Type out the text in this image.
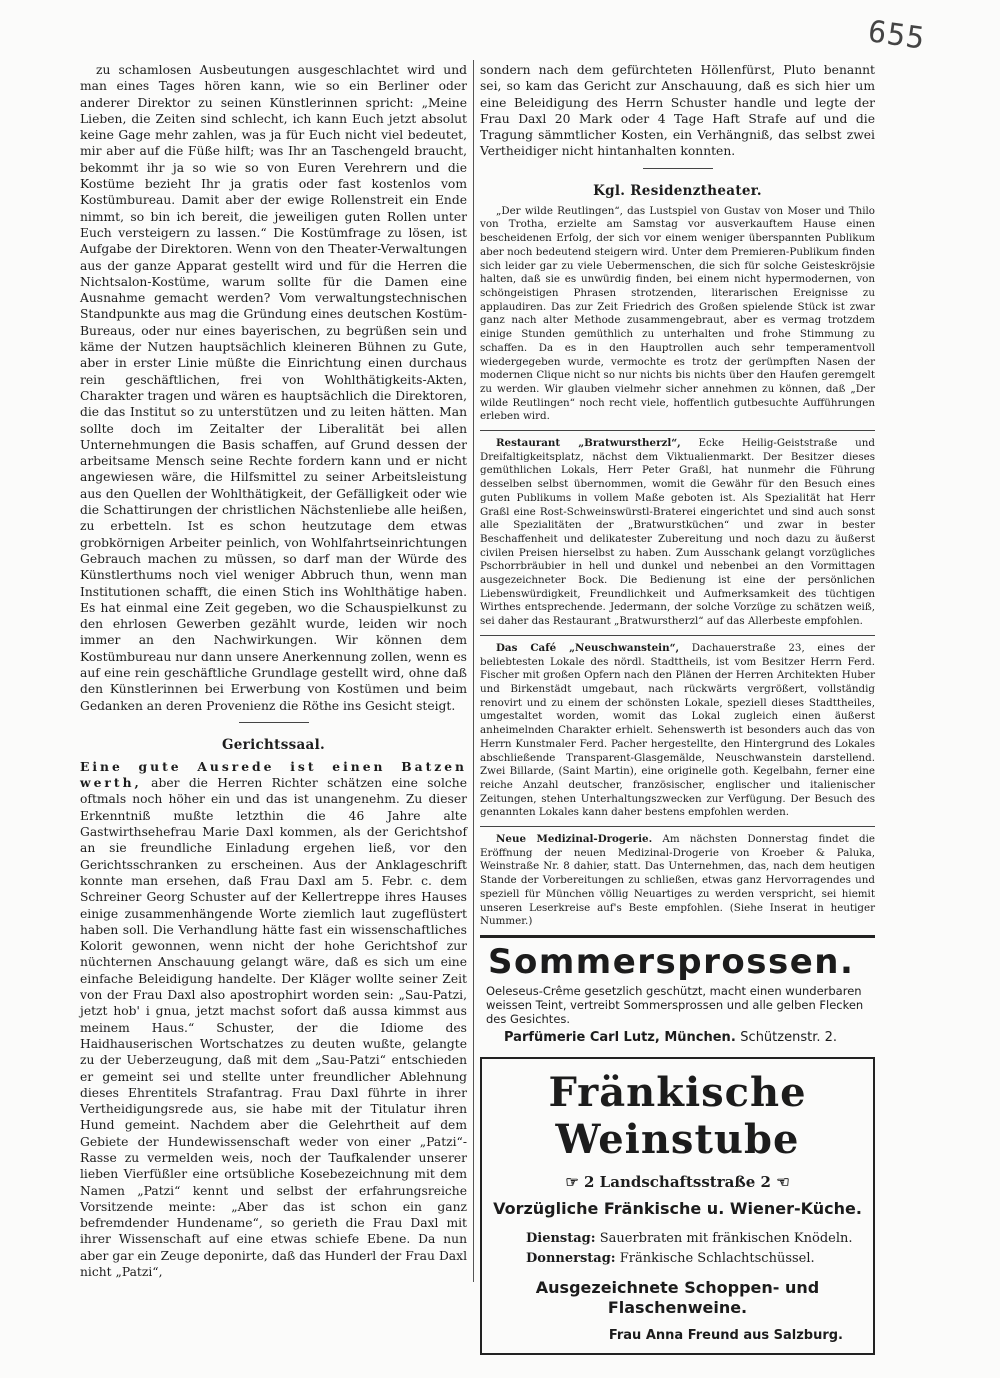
655

zu schamlosen Ausbeutungen ausgeschlachtet wird und man eines Tages hören kann, wie so ein Berliner oder anderer Direktor zu seinen Künstlerinnen spricht: „Meine Lieben, die Zeiten sind schlecht, ich kann Euch jetzt absolut keine Gage mehr zahlen, was ja für Euch nicht viel bedeutet, mir aber auf die Füße hilft; was Ihr an Taschengeld braucht, bekommt ihr ja so wie so von Euren Verehrern und die Kostüme bezieht Ihr ja gratis oder fast kostenlos vom Kostümbureau. Damit aber der ewige Rollenstreit ein Ende nimmt, so bin ich bereit, die jeweiligen guten Rollen unter Euch versteigern zu lassen.“ Die Kostümfrage zu lösen, ist Aufgabe der Direktoren. Wenn von den Theater-Verwaltungen aus der ganze Apparat gestellt wird und für die Herren die Nichtsalon-Kostüme, warum sollte für die Damen eine Ausnahme gemacht werden? Vom verwaltungstechnischen Standpunkte aus mag die Gründung eines deutschen Kostüm-Bureaus, oder nur eines bayerischen, zu begrüßen sein und käme der Nutzen hauptsächlich kleineren Bühnen zu Gute, aber in erster Linie müßte die Einrichtung einen durchaus rein geschäftlichen, frei von Wohlthätigkeits-Akten, Charakter tragen und wären es hauptsächlich die Direktoren, die das Institut so zu unterstützen und zu leiten hätten. Man sollte doch im Zeitalter der Liberalität bei allen Unternehmungen die Basis schaffen, auf Grund dessen der arbeitsame Mensch seine Rechte fordern kann und er nicht angewiesen wäre, die Hilfsmittel zu seiner Arbeitsleistung aus den Quellen der Wohlthätigkeit, der Gefälligkeit oder wie die Schattirungen der christlichen Nächstenliebe alle heißen, zu erbetteln. Ist es schon heutzutage dem etwas grobkörnigen Arbeiter peinlich, von Wohlfahrtseinrichtungen Gebrauch machen zu müssen, so darf man der Würde des Künstlerthums noch viel weniger Abbruch thun, wenn man Institutionen schafft, die einen Stich ins Wohlthätige haben. Es hat einmal eine Zeit gegeben, wo die Schauspielkunst zu den ehrlosen Gewerben gezählt wurde, leiden wir noch immer an den Nachwirkungen. Wir können dem Kostümbureau nur dann unsere Anerkennung zollen, wenn es auf eine rein geschäftliche Grundlage gestellt wird, ohne daß den Künstlerinnen bei Erwerbung von Kostümen und beim Gedanken an deren Provenienz die Röthe ins Gesicht steigt.

Gerichtssaal.

Eine gute Ausrede ist einen Batzen werth, aber die Herren Richter schätzen eine solche oftmals noch höher ein und das ist unangenehm. Zu dieser Erkenntniß mußte letzthin die 46 Jahre alte Gastwirthsehefrau Marie Daxl kommen, als der Gerichtshof an sie freundliche Einladung ergehen ließ, vor den Gerichtsschranken zu erscheinen. Aus der Anklageschrift konnte man ersehen, daß Frau Daxl am 5. Febr. c. dem Schreiner Georg Schuster auf der Kellertreppe ihres Hauses einige zusammenhängende Worte ziemlich laut zugeflüstert haben soll. Die Verhandlung hätte fast ein wissenschaftliches Kolorit gewonnen, wenn nicht der hohe Gerichtshof zur nüchternen Anschauung gelangt wäre, daß es sich um eine einfache Beleidigung handelte. Der Kläger wollte seiner Zeit von der Frau Daxl also apostrophirt worden sein: „Sau-Patzi, jetzt hob' i gnua, jetzt machst sofort daß aussa kimmst aus meinem Haus.“ Schuster, der die Idiome des Haidhauserischen Wortschatzes zu deuten wußte, gelangte zu der Ueberzeugung, daß mit dem „Sau-Patzi“ entschieden er gemeint sei und stellte unter freundlicher Ablehnung dieses Ehrentitels Strafantrag. Frau Daxl führte in ihrer Vertheidigungsrede aus, sie habe mit der Titulatur ihren Hund gemeint. Nachdem aber die Gelehrtheit auf dem Gebiete der Hundewissenschaft weder von einer „Patzi“-Rasse zu vermelden weis, noch der Taufkalender unserer lieben Vierfüßler eine ortsübliche Kosebezeichnung mit dem Namen „Patzi“ kennt und selbst der erfahrungsreiche Vorsitzende meinte: „Aber das ist schon ein ganz befremdender Hundename“, so gerieth die Frau Daxl mit ihrer Wissenschaft auf eine etwas schiefe Ebene. Da nun aber gar ein Zeuge deponirte, daß das Hunderl der Frau Daxl nicht „Patzi“,

sondern nach dem gefürchteten Höllenfürst, Pluto benannt sei, so kam das Gericht zur Anschauung, daß es sich hier um eine Beleidigung des Herrn Schuster handle und legte der Frau Daxl 20 Mark oder 4 Tage Haft Strafe auf und die Tragung sämmtlicher Kosten, ein Verhängniß, das selbst zwei Vertheidiger nicht hintanhalten konnten.

Kgl. Residenztheater.

„Der wilde Reutlingen“, das Lustspiel von Gustav von Moser und Thilo von Trotha, erzielte am Samstag vor ausverkauftem Hause einen bescheidenen Erfolg, der sich vor einem weniger überspannten Publikum aber noch bedeutend steigern wird. Unter dem Premieren-Publikum finden sich leider gar zu viele Uebermenschen, die sich für solche Geisteskröjsie halten, daß sie es unwürdig finden, bei einem nicht hypermodernen, von schöngeistigen Phrasen strotzenden, literarischen Ereignisse zu applaudiren. Das zur Zeit Friedrich des Großen spielende Stück ist zwar ganz nach alter Methode zusammengebraut, aber es vermag trotzdem einige Stunden gemüthlich zu unterhalten und frohe Stimmung zu schaffen. Da es in den Hauptrollen auch sehr temperamentvoll wiedergegeben wurde, vermochte es trotz der gerümpften Nasen der modernen Clique nicht so nur nichts bis nichts über den Haufen geremgelt zu werden. Wir glauben vielmehr sicher annehmen zu können, daß „Der wilde Reutlingen“ noch recht viele, hoffentlich gutbesuchte Aufführungen erleben wird.

Restaurant „Bratwurstherzl“, Ecke Heilig-Geiststraße und Dreifaltigkeitsplatz, nächst dem Viktualienmarkt. Der Besitzer dieses gemüthlichen Lokals, Herr Peter Graßl, hat nunmehr die Führung desselben selbst übernommen, womit die Gewähr für den Besuch eines guten Publikums in vollem Maße geboten ist. Als Spezialität hat Herr Graßl eine Rost-Schweinswürstl-Braterei eingerichtet und sind auch sonst alle Spezialitäten der „Bratwurstküchen“ und zwar in bester Beschaffenheit und delikatester Zubereitung und noch dazu zu äußerst civilen Preisen hierselbst zu haben. Zum Ausschank gelangt vorzügliches Pschorrbräubier in hell und dunkel und nebenbei an den Vormittagen ausgezeichneter Bock. Die Bedienung ist eine der persönlichen Liebenswürdigkeit, Freundlichkeit und Aufmerksamkeit des tüchtigen Wirthes entsprechende. Jedermann, der solche Vorzüge zu schätzen weiß, sei daher das Restaurant „Bratwurstherzl“ auf das Allerbeste empfohlen.

Das Café „Neuschwanstein“, Dachauerstraße 23, eines der beliebtesten Lokale des nördl. Stadttheils, ist vom Besitzer Herrn Ferd. Fischer mit großen Opfern nach den Plänen der Herren Architekten Huber und Birkenstädt umgebaut, nach rückwärts vergrößert, vollständig renovirt und zu einem der schönsten Lokale, speziell dieses Stadttheiles, umgestaltet worden, womit das Lokal zugleich einen äußerst anheimelnden Charakter erhielt. Sehenswerth ist besonders auch das von Herrn Kunstmaler Ferd. Pacher hergestellte, den Hintergrund des Lokales abschließende Transparent-Glasgemälde, Neuschwanstein darstellend. Zwei Billarde, (Saint Martin), eine originelle goth. Kegelbahn, ferner eine reiche Anzahl deutscher, französischer, englischer und italienischer Zeitungen, stehen Unterhaltungszwecken zur Verfügung. Der Besuch des genannten Lokales kann daher bestens empfohlen werden.

Neue Medizinal-Drogerie. Am nächsten Donnerstag findet die Eröffnung der neuen Medizinal-Drogerie von Kroeber & Paluka, Weinstraße Nr. 8 dahier, statt. Das Unternehmen, das, nach dem heutigen Stande der Vorbereitungen zu schließen, etwas ganz Hervorragendes und speziell für München völlig Neuartiges zu werden verspricht, sei hiemit unseren Leserkreise auf's Beste empfohlen. (Siehe Inserat in heutiger Nummer.)

Sommersprossen.
Oeleseus-Crême gesetzlich geschützt, macht einen wunderbaren weissen Teint, vertreibt Sommersprossen und alle gelben Flecken des Gesichtes.
Parfümerie Carl Lutz, München. Schützenstr. 2.
Fränkische Weinstube
☞ 2 Landschaftsstraße 2 ☜
Vorzügliche Fränkische u. Wiener-Küche.
Dienstag: Sauerbraten mit fränkischen Knödeln.
Donnerstag: Fränkische Schlachtschüssel.
Ausgezeichnete Schoppen- und Flaschenweine.
Frau Anna Freund aus Salzburg.
